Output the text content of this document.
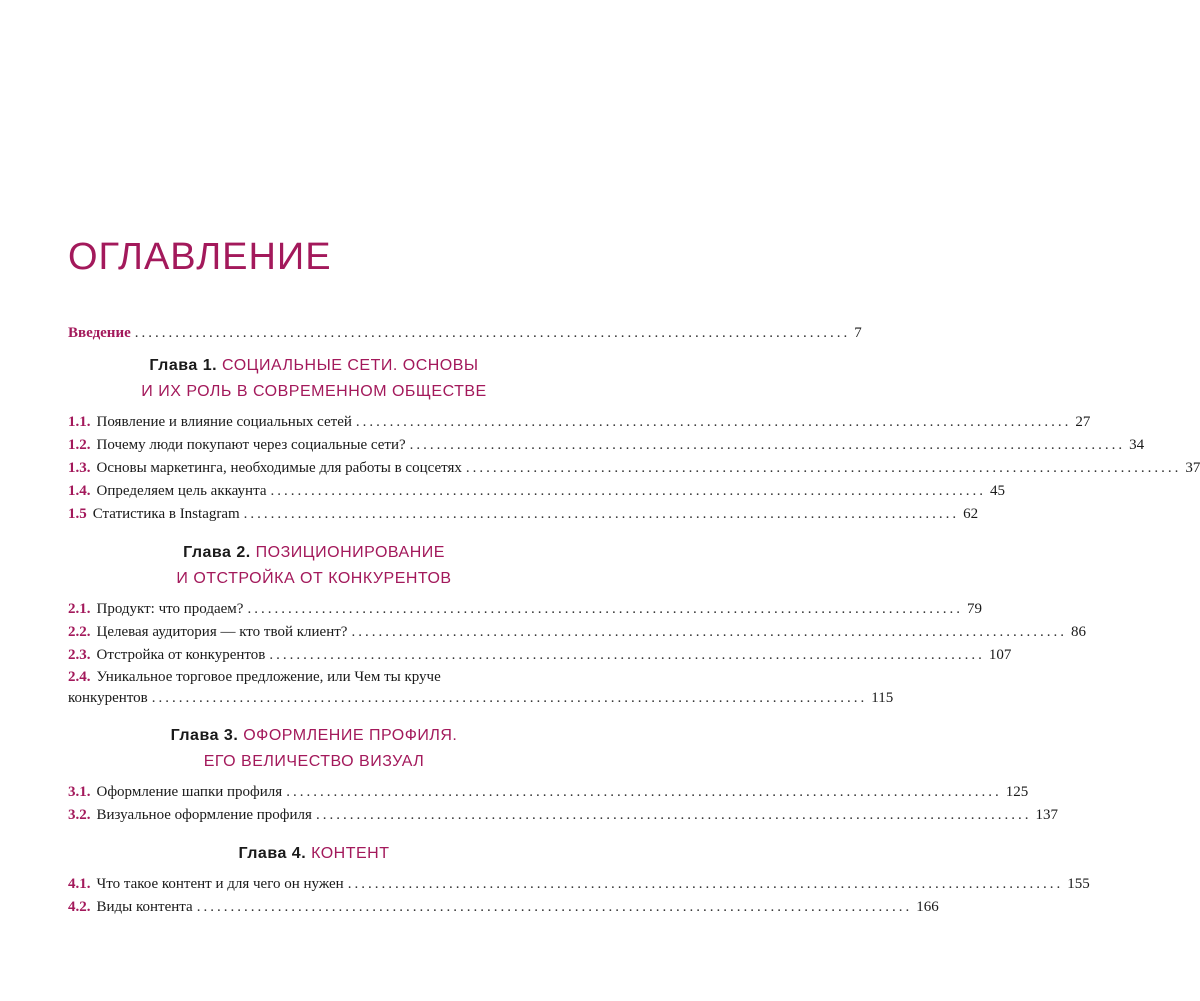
ОГЛАВЛЕНИЕ
Введение .......................................................................................................... 7
Глава 1. СОЦИАЛЬНЫЕ СЕТИ. ОСНОВЫ
И ИХ РОЛЬ В СОВРЕМЕННОМ ОБЩЕСТВЕ
1.1. Появление и влияние социальных сетей .......................................................................................................... 27
1.2. Почему люди покупают через социальные сети? .......................................................................................................... 34
1.3. Основы маркетинга, необходимые для работы в соцсетях .......................................................................................................... 37
1.4. Определяем цель аккаунта .......................................................................................................... 45
1.5 Статистика в Instagram .......................................................................................................... 62
Глава 2. ПОЗИЦИОНИРОВАНИЕ
И ОТСТРОЙКА ОТ КОНКУРЕНТОВ
2.1. Продукт: что продаем? .......................................................................................................... 79
2.2. Целевая аудитория — кто твой клиент? .......................................................................................................... 86
2.3. Отстройка от конкурентов .......................................................................................................... 107
2.4. Уникальное торговое предложение, или Чем ты круче
конкурентов .......................................................................................................... 115
Глава 3. ОФОРМЛЕНИЕ ПРОФИЛЯ.
ЕГО ВЕЛИЧЕСТВО ВИЗУАЛ
3.1. Оформление шапки профиля .......................................................................................................... 125
3.2. Визуальное оформление профиля .......................................................................................................... 137
Глава 4. КОНТЕНТ
4.1. Что такое контент и для чего он нужен .......................................................................................................... 155
4.2. Виды контента .......................................................................................................... 166
